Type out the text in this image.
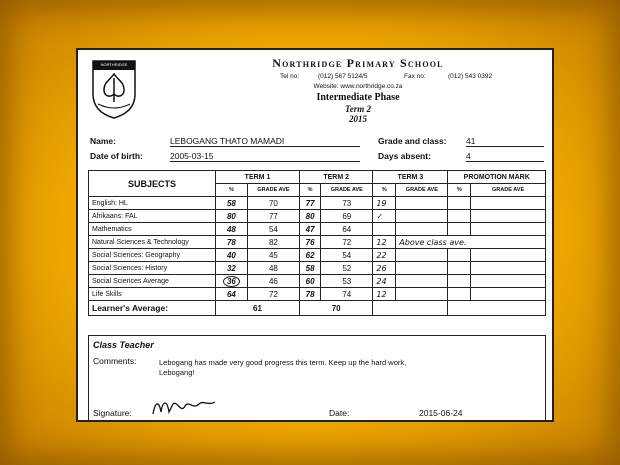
NORTHRIDGE	Northridge Primary School
Tel no:	(012) 567 5124/5	Fax no:	(012) 543 0392
Website: www.northridge.co.za
Intermediate Phase
Term 2
2015
Name:	LEBOGANG THATO MAMADI
Date of birth:	2005-03-15
Grade and class: 41
Days absent:	4
SUBJECTS	TERM 1		TERM 2		TERM 3		PROMOTION MARK	
	%	GRADE AVE	%	GRADE AVE	%	GRADE AVE	%	GRADE AVE
English: HL	58	70	77	73	19			
Afrikaans: FAL	80	77	80	69	✓			
Mathematics	48	54	47	64				
Natural Sciences & Technology	78	82	76	72	12	Above class ave.		
Social Sciences: Geography	40	45	62	54	22			
Social Sciences: History	32	48	58	52	26			
Social Sciences Average	36	46	60	53	24			
Life Skills	64	72	78	74	12			
Learner's Average:	61		70					
Class Teacher
Comments:	Lebogang has made very good progress this term. Keep up the hard work,
Lebogang!
Signature:	Date:	2015-06-24
